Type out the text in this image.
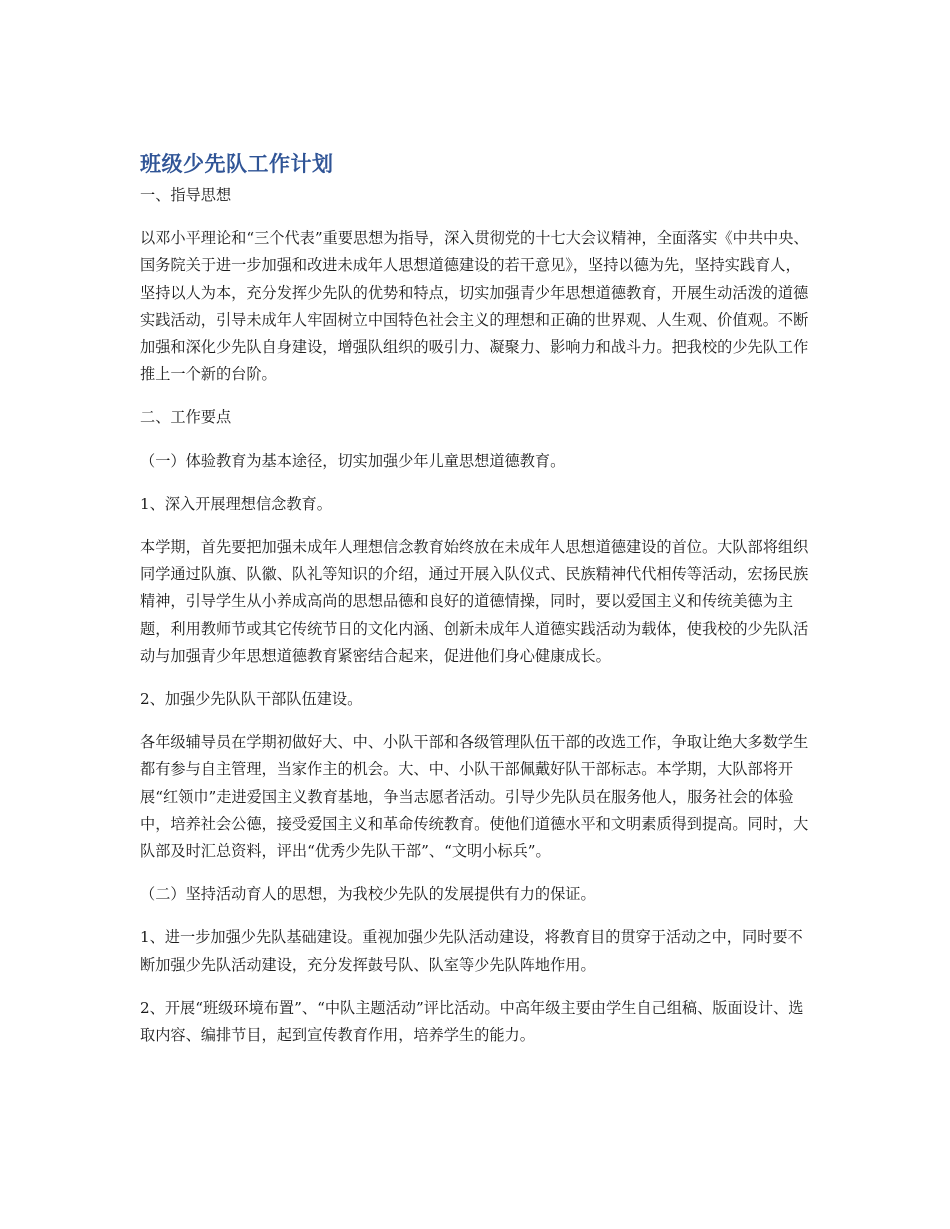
班级少先队工作计划

一、指导思想

以邓小平理论和“三个代表”重要思想为指导，深入贯彻党的十七大会议精神，全面落实《中共中央、国务院关于进一步加强和改进未成年人思想道德建设的若干意见》，坚持以德为先，坚持实践育人，坚持以人为本，充分发挥少先队的优势和特点，切实加强青少年思想道德教育，开展生动活泼的道德实践活动，引导未成年人牢固树立中国特色社会主义的理想和正确的世界观、人生观、价值观。不断加强和深化少先队自身建设，增强队组织的吸引力、凝聚力、影响力和战斗力。把我校的少先队工作推上一个新的台阶。

二、工作要点

（一）体验教育为基本途径，切实加强少年儿童思想道德教育。

1、深入开展理想信念教育。

本学期，首先要把加强未成年人理想信念教育始终放在未成年人思想道德建设的首位。大队部将组织同学通过队旗、队徽、队礼等知识的介绍，通过开展入队仪式、民族精神代代相传等活动，宏扬民族精神，引导学生从小养成高尚的思想品德和良好的道德情操，同时，要以爱国主义和传统美德为主题，利用教师节或其它传统节日的文化内涵、创新未成年人道德实践活动为载体，使我校的少先队活动与加强青少年思想道德教育紧密结合起来，促进他们身心健康成长。

2、加强少先队队干部队伍建设。

各年级辅导员在学期初做好大、中、小队干部和各级管理队伍干部的改选工作，争取让绝大多数学生都有参与自主管理，当家作主的机会。大、中、小队干部佩戴好队干部标志。本学期，大队部将开展“红领巾”走进爱国主义教育基地，争当志愿者活动。引导少先队员在服务他人，服务社会的体验中，培养社会公德，接受爱国主义和革命传统教育。使他们道德水平和文明素质得到提高。同时，大队部及时汇总资料，评出“优秀少先队干部”、“文明小标兵”。

（二）坚持活动育人的思想，为我校少先队的发展提供有力的保证。

1、进一步加强少先队基础建设。重视加强少先队活动建设，将教育目的贯穿于活动之中，同时要不断加强少先队活动建设，充分发挥鼓号队、队室等少先队阵地作用。

2、开展“班级环境布置”、“中队主题活动”评比活动。中高年级主要由学生自己组稿、版面设计、选取内容、编排节目，起到宣传教育作用，培养学生的能力。
